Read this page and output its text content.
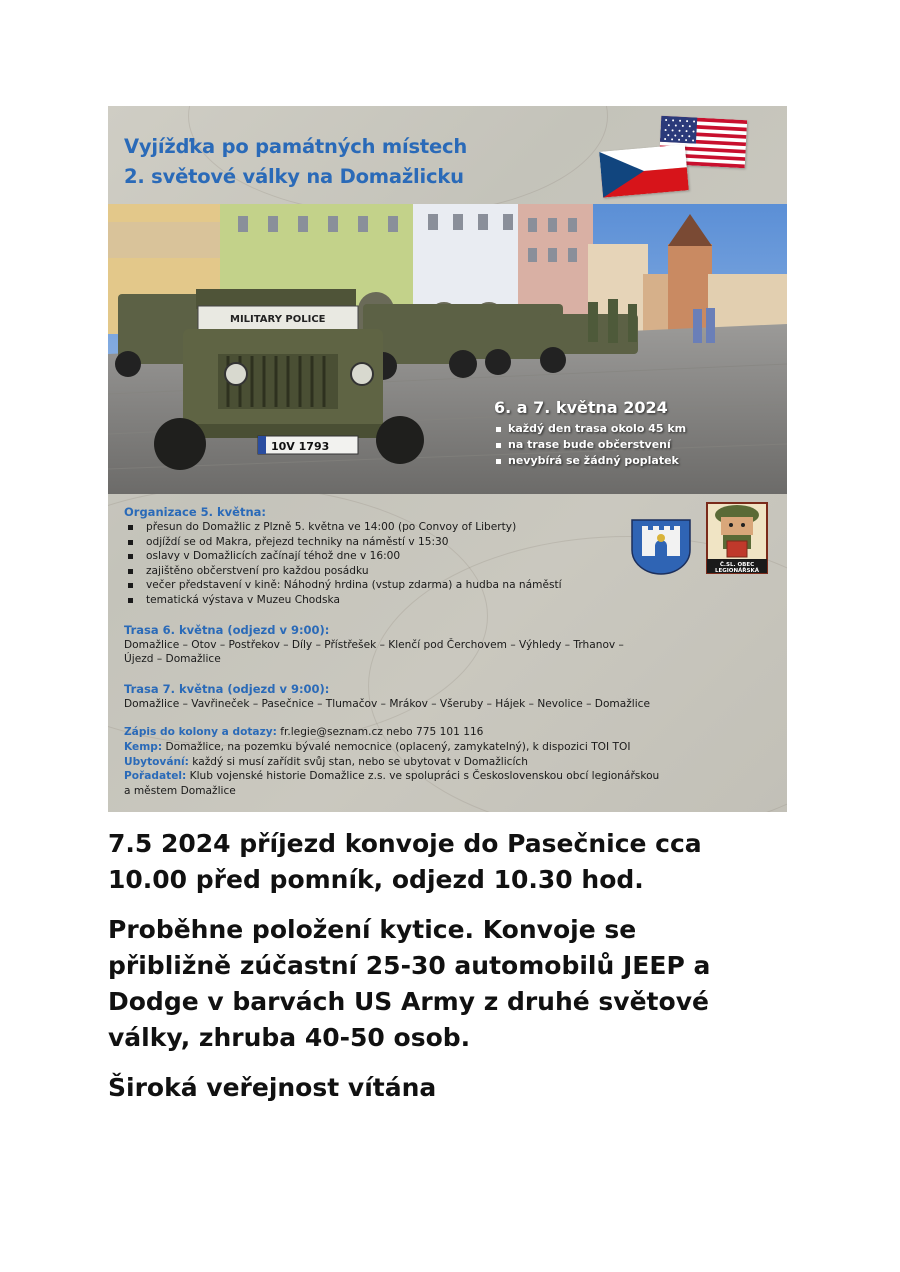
Vyjížďka po památných místech
2. světové války na Domažlicku
MILITARY POLICE
10V 1793
6. a 7. května 2024
každý den trasa okolo 45 km
na trase bude občerstvení
nevybírá se žádný poplatek
Č.SL. OBEC
LEGIONÁŘSKÁ
Organizace 5. května:
přesun do Domažlic z Plzně 5. května ve 14:00 (po Convoy of Liberty)
odjíždí se od Makra, přejezd techniky na náměstí v 15:30
oslavy v Domažlicích začínají téhož dne v 16:00
zajištěno občerstvení pro každou posádku
večer představení v kině: Náhodný hrdina (vstup zdarma) a hudba na náměstí
tematická výstava v Muzeu Chodska
Trasa 6. května (odjezd v 9:00):
Domažlice – Otov – Postřekov – Díly – Přístřešek – Klenčí pod Čerchovem – Výhledy – Trhanov –
Újezd – Domažlice
Trasa 7. května (odjezd v 9:00):
Domažlice – Vavřineček – Pasečnice – Tlumačov – Mrákov – Všeruby – Hájek – Nevolice – Domažlice
Zápis do kolony a dotazy: fr.legie@seznam.cz nebo 775 101 116
Kemp: Domažlice, na pozemku bývalé nemocnice (oplacený, zamykatelný), k dispozici TOI TOI
Ubytování: každý si musí zařídit svůj stan, nebo se ubytovat v Domažlicích
Pořadatel: Klub vojenské historie Domažlice z.s. ve spolupráci s Československou obcí legionářskou
a městem Domažlice

7.5 2024 příjezd konvoje do Pasečnice cca
10.00 před pomník, odjezd 10.30 hod.

Proběhne položení kytice. Konvoje se
přibližně zúčastní 25-30 automobilů JEEP a
Dodge v barvách US Army z druhé světové
války, zhruba 40-50 osob.

Široká veřejnost vítána
